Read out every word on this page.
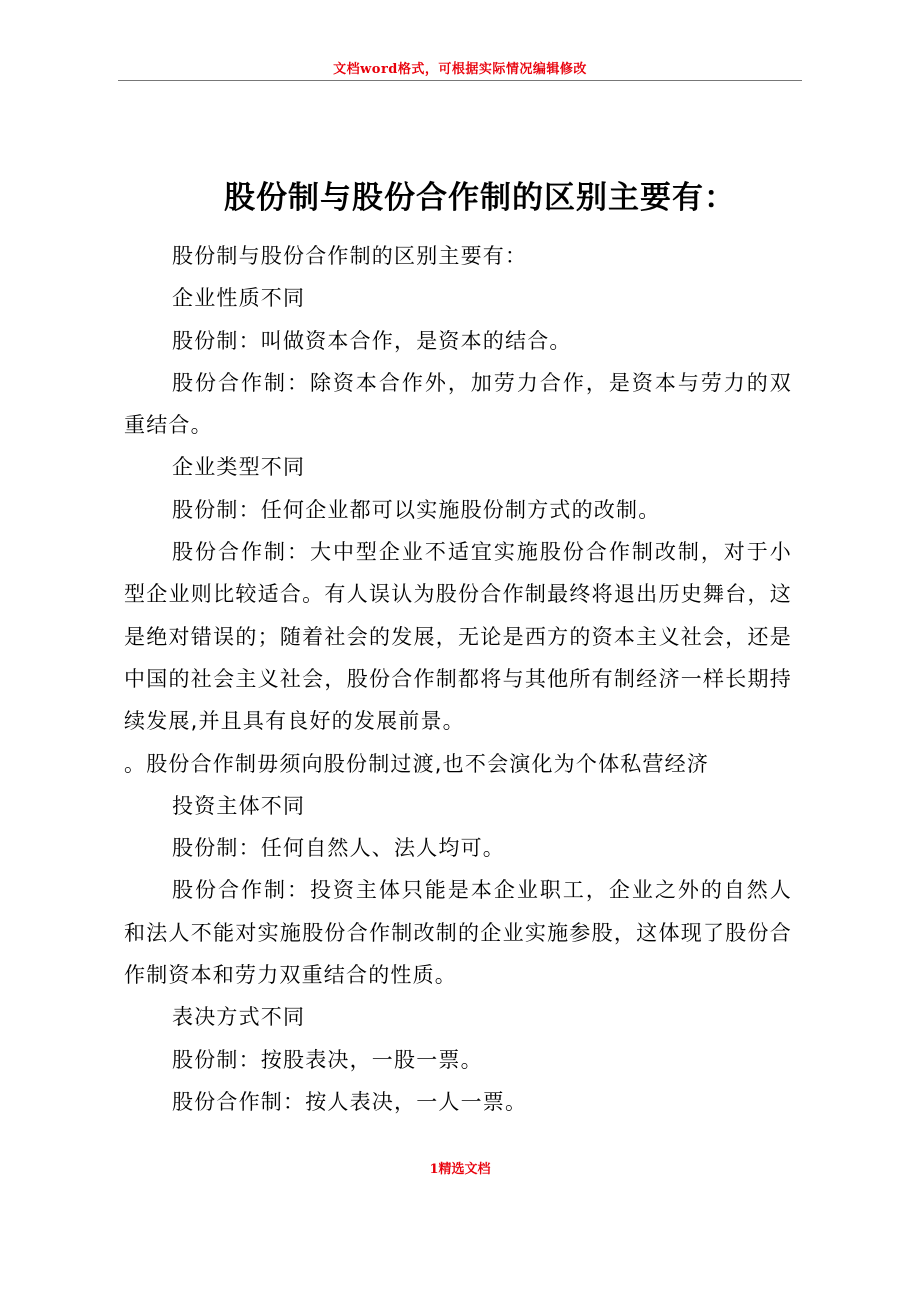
文档word格式，可根据实际情况编辑修改
股份制与股份合作制的区别主要有：

股份制与股份合作制的区别主要有：

企业性质不同

股份制：叫做资本合作，是资本的结合。

股份合作制：除资本合作外，加劳力合作，是资本与劳力的双重结合。

企业类型不同

股份制：任何企业都可以实施股份制方式的改制。

股份合作制：大中型企业不适宜实施股份合作制改制，对于小型企业则比较适合。有人误认为股份合作制最终将退出历史舞台，这是绝对错误的；随着社会的发展，无论是西方的资本主义社会，还是中国的社会主义社会，股份合作制都将与其他所有制经济一样长期持续发展,并且具有良好的发展前景。

。股份合作制毋须向股份制过渡,也不会演化为个体私营经济

投资主体不同

股份制：任何自然人、法人均可。

股份合作制：投资主体只能是本企业职工，企业之外的自然人和法人不能对实施股份合作制改制的企业实施参股，这体现了股份合作制资本和劳力双重结合的性质。

表决方式不同

股份制：按股表决，一股一票。

股份合作制：按人表决，一人一票。

1精选文档
